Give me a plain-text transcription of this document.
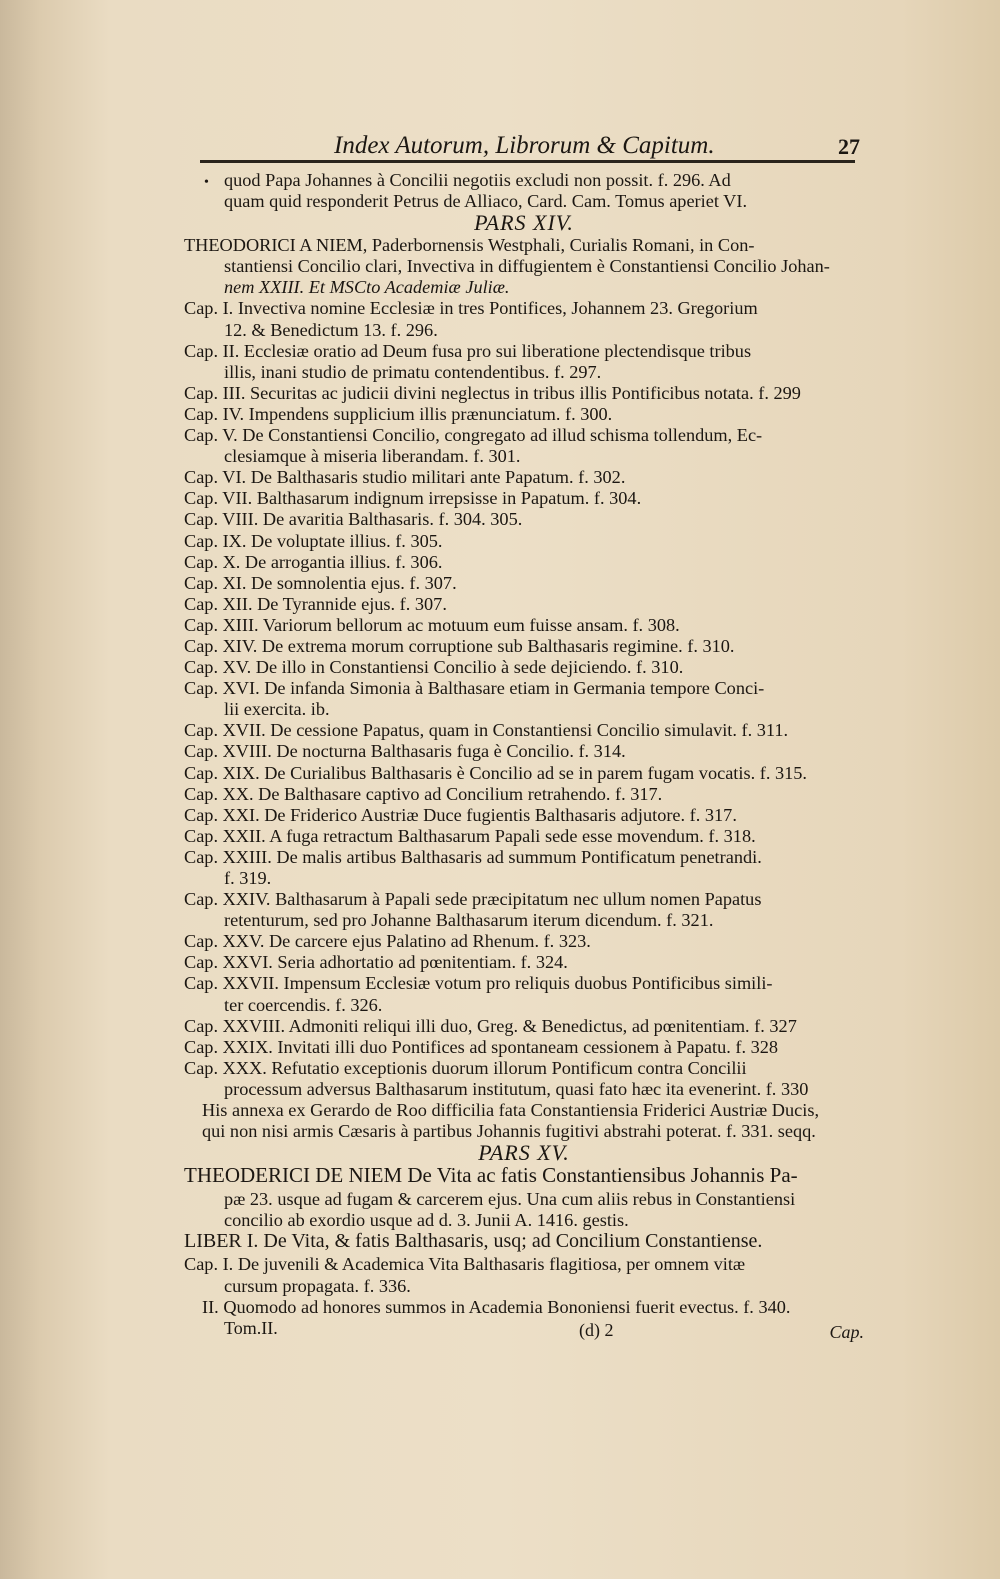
Index Autorum, Librorum & Capitum.	27
• quod Papa Johannes à Concilii negotiis excludi non possit. f. 296. Ad
quam quid responderit Petrus de Alliaco, Card. Cam. Tomus aperiet VI.
PARS XIV.
THEODORICI A NIEM, Paderbornensis Westphali, Curialis Romani, in Con-
stantiensi Concilio clari, Invectiva in diffugientem è Constantiensi Concilio Johan-
nem XXIII. Et MSCto Academiæ Juliæ.
Cap. I. Invectiva nomine Ecclesiæ in tres Pontifices, Johannem 23. Gregorium
12. & Benedictum 13. f. 296.
Cap. II. Ecclesiæ oratio ad Deum fusa pro sui liberatione plectendisque tribus
illis, inani studio de primatu contendentibus. f. 297.
Cap. III. Securitas ac judicii divini neglectus in tribus illis Pontificibus notata. f. 299
Cap. IV. Impendens supplicium illis prænunciatum. f. 300.
Cap. V. De Constantiensi Concilio, congregato ad illud schisma tollendum, Ec-
clesiamque à miseria liberandam. f. 301.
Cap. VI. De Balthasaris studio militari ante Papatum. f. 302.
Cap. VII. Balthasarum indignum irrepsisse in Papatum. f. 304.
Cap. VIII. De avaritia Balthasaris. f. 304. 305.
Cap. IX. De voluptate illius. f. 305.
Cap. X. De arrogantia illius. f. 306.
Cap. XI. De somnolentia ejus. f. 307.
Cap. XII. De Tyrannide ejus. f. 307.
Cap. XIII. Variorum bellorum ac motuum eum fuisse ansam. f. 308.
Cap. XIV. De extrema morum corruptione sub Balthasaris regimine. f. 310.
Cap. XV. De illo in Constantiensi Concilio à sede dejiciendo. f. 310.
Cap. XVI. De infanda Simonia à Balthasare etiam in Germania tempore Conci-
lii exercita. ib.
Cap. XVII. De cessione Papatus, quam in Constantiensi Concilio simulavit. f. 311.
Cap. XVIII. De nocturna Balthasaris fuga è Concilio. f. 314.
Cap. XIX. De Curialibus Balthasaris è Concilio ad se in parem fugam vocatis. f. 315.
Cap. XX. De Balthasare captivo ad Concilium retrahendo. f. 317.
Cap. XXI. De Friderico Austriæ Duce fugientis Balthasaris adjutore. f. 317.
Cap. XXII. A fuga retractum Balthasarum Papali sede esse movendum. f. 318.
Cap. XXIII. De malis artibus Balthasaris ad summum Pontificatum penetrandi.
f. 319.
Cap. XXIV. Balthasarum à Papali sede præcipitatum nec ullum nomen Papatus
retenturum, sed pro Johanne Balthasarum iterum dicendum. f. 321.
Cap. XXV. De carcere ejus Palatino ad Rhenum. f. 323.
Cap. XXVI. Seria adhortatio ad pœnitentiam. f. 324.
Cap. XXVII. Impensum Ecclesiæ votum pro reliquis duobus Pontificibus simili-
ter coercendis. f. 326.
Cap. XXVIII. Admoniti reliqui illi duo, Greg. & Benedictus, ad pœnitentiam. f. 327
Cap. XXIX. Invitati illi duo Pontifices ad spontaneam cessionem à Papatu. f. 328
Cap. XXX. Refutatio exceptionis duorum illorum Pontificum contra Concilii
processum adversus Balthasarum institutum, quasi fato hæc ita evenerint. f. 330
His annexa ex Gerardo de Roo difficilia fata Constantiensia Friderici Austriæ Ducis,
qui non nisi armis Cæsaris à partibus Johannis fugitivi abstrahi poterat. f. 331. seqq.
PARS XV.
THEODERICI DE NIEM De Vita ac fatis Constantiensibus Johannis Pa-
pæ 23. usque ad fugam & carcerem ejus. Una cum aliis rebus in Constantiensi
concilio ab exordio usque ad d. 3. Junii A. 1416. gestis.
LIBER I. De Vita, & fatis Balthasaris, usq; ad Concilium Constantiense.
Cap. I. De juvenili & Academica Vita Balthasaris flagitiosa, per omnem vitæ
cursum propagata. f. 336.
II. Quomodo ad honores summos in Academia Bononiensi fuerit evectus. f. 340.
Tom.II.	(d) 2	Cap.
